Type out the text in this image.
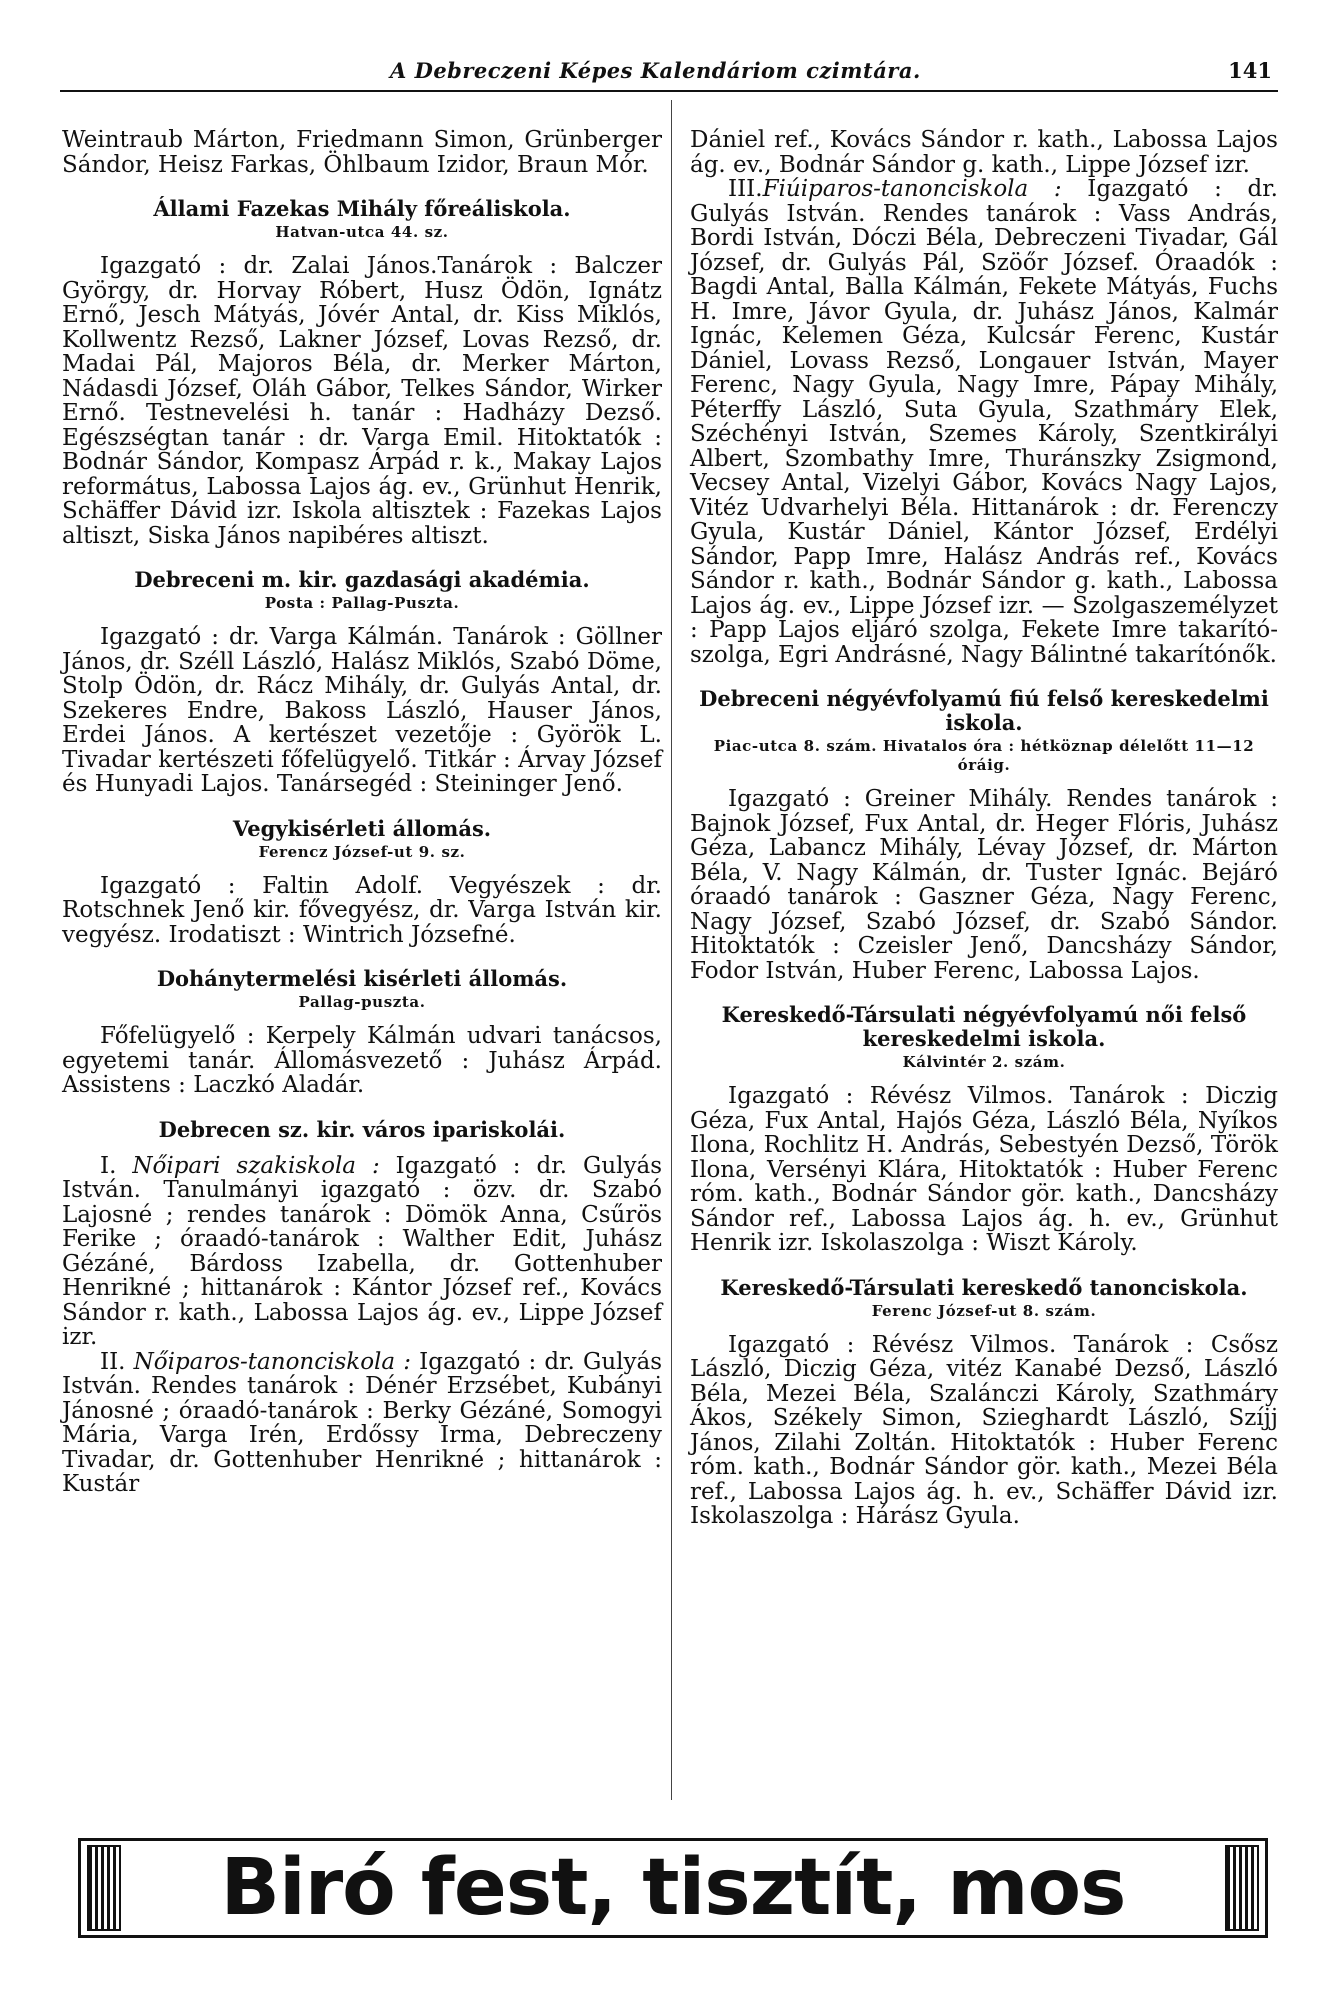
A Debreczeni Képes Kalendáriom czimtára.	141

Weintraub Márton, Friedmann Simon, Grünberger Sándor, Heisz Farkas, Öhlbaum Izidor, Braun Mór.

Állami Fazekas Mihály főreáliskola.
Hatvan-utca 44. sz.

Igazgató : dr. Zalai János.Tanárok : Balczer György, dr. Horvay Róbert, Husz Ödön, Ignátz Ernő, Jesch Mátyás, Jóvér Antal, dr. Kiss Miklós, Kollwentz Rezső, Lakner József, Lovas Rezső, dr. Madai Pál, Majoros Béla, dr. Merker Márton, Nádasdi József, Oláh Gábor, Telkes Sándor, Wirker Ernő. Testnevelési h. tanár : Hadházy Dezső. Egészségtan tanár : dr. Varga Emil. Hitoktatók : Bodnár Sándor, Kompasz Árpád r. k., Makay Lajos református, Labossa Lajos ág. ev., Grünhut Henrik, Schäffer Dávid izr. Iskola altisztek : Fazekas Lajos altiszt, Siska János napibéres altiszt.

Debreceni m. kir. gazdasági akadémia.
Posta : Pallag-Puszta.

Igazgató : dr. Varga Kálmán. Tanárok : Göllner János, dr. Széll László, Halász Miklós, Szabó Döme, Stolp Ödön, dr. Rácz Mihály, dr. Gulyás Antal, dr. Szekeres Endre, Bakoss László, Hauser János, Erdei János. A kertészet vezetője : Györök L. Tivadar kertészeti főfelügyelő. Titkár : Árvay József és Hunyadi Lajos. Tanársegéd : Steininger Jenő.

Vegykisérleti állomás.
Ferencz József-ut 9. sz.

Igazgató : Faltin Adolf. Vegyészek : dr. Rotschnek Jenő kir. fővegyész, dr. Varga István kir. vegyész. Irodatiszt : Wintrich Józsefné.

Dohánytermelési kisérleti állomás.
Pallag-puszta.

Főfelügyelő : Kerpely Kálmán udvari tanácsos, egyetemi tanár. Állomásvezető : Juhász Árpád. Assistens : Laczkó Aladár.

Debrecen sz. kir. város ipariskolái.

I. Nőipari szakiskola : Igazgató : dr. Gulyás István. Tanulmányi igazgató : özv. dr. Szabó Lajosné ; rendes tanárok : Dömök Anna, Csűrös Ferike ; óraadó-tanárok : Walther Edit, Juhász Gézáné, Bárdoss Izabella, dr. Gottenhuber Henrikné ; hittanárok : Kántor József ref., Kovács Sándor r. kath., Labossa Lajos ág. ev., Lippe József izr.

II. Nőiparos-tanonciskola : Igazgató : dr. Gulyás István. Rendes tanárok : Dénér Erzsébet, Kubányi Jánosné ; óraadó-tanárok : Berky Gézáné, Somogyi Mária, Varga Irén, Erdőssy Irma, Debreczeny Tivadar, dr. Gottenhuber Henrikné ; hittanárok : Kustár

Dániel ref., Kovács Sándor r. kath., Labossa Lajos ág. ev., Bodnár Sándor g. kath., Lippe József izr.

III.Fiúiparos-tanonciskola : Igazgató : dr. Gulyás István. Rendes tanárok : Vass András, Bordi István, Dóczi Béla, Debreczeni Tivadar, Gál József, dr. Gulyás Pál, Szöőr József. Óraadók : Bagdi Antal, Balla Kálmán, Fekete Mátyás, Fuchs H. Imre, Jávor Gyula, dr. Juhász János, Kalmár Ignác, Kelemen Géza, Kulcsár Ferenc, Kustár Dániel, Lovass Rezső, Longauer István, Mayer Ferenc, Nagy Gyula, Nagy Imre, Pápay Mihály, Péterffy László, Suta Gyula, Szathmáry Elek, Széchényi István, Szemes Károly, Szentkirályi Albert, Szombathy Imre, Thuránszky Zsigmond, Vecsey Antal, Vizelyi Gábor, Kovács Nagy Lajos, Vitéz Udvarhelyi Béla. Hittanárok : dr. Ferenczy Gyula, Kustár Dániel, Kántor József, Erdélyi Sándor, Papp Imre, Halász András ref., Kovács Sándor r. kath., Bodnár Sándor g. kath., Labossa Lajos ág. ev., Lippe József izr. — Szolgaszemélyzet : Papp Lajos eljáró szolga, Fekete Imre takarító-szolga, Egri Andrásné, Nagy Bálintné takarítónők.

Debreceni négyévfolyamú fiú felső kereskedelmi iskola.
Piac-utca 8. szám. Hivatalos óra : hétköznap délelőtt 11—12 óráig.

Igazgató : Greiner Mihály. Rendes tanárok : Bajnok József, Fux Antal, dr. Heger Flóris, Juhász Géza, Labancz Mihály, Lévay József, dr. Márton Béla, V. Nagy Kálmán, dr. Tuster Ignác. Bejáró óraadó tanárok : Gaszner Géza, Nagy Ferenc, Nagy József, Szabó József, dr. Szabó Sándor. Hitoktatók : Czeisler Jenő, Dancsházy Sándor, Fodor István, Huber Ferenc, Labossa Lajos.

Kereskedő-Társulati négyévfolyamú női felső kereskedelmi iskola.
Kálvintér 2. szám.

Igazgató : Révész Vilmos. Tanárok : Diczig Géza, Fux Antal, Hajós Géza, László Béla, Nyíkos Ilona, Rochlitz H. András, Sebestyén Dezső, Török Ilona, Versényi Klára, Hitoktatók : Huber Ferenc róm. kath., Bodnár Sándor gör. kath., Dancsházy Sándor ref., Labossa Lajos ág. h. ev., Grünhut Henrik izr. Iskolaszolga : Wiszt Károly.

Kereskedő-Társulati kereskedő tanonciskola.
Ferenc József-ut 8. szám.

Igazgató : Révész Vilmos. Tanárok : Csősz László, Diczig Géza, vitéz Kanabé Dezső, László Béla, Mezei Béla, Szalánczi Károly, Szathmáry Ákos, Székely Simon, Szieghardt László, Szíjj János, Zilahi Zoltán. Hitoktatók : Huber Ferenc róm. kath., Bodnár Sándor gör. kath., Mezei Béla ref., Labossa Lajos ág. h. ev., Schäffer Dávid izr. Iskolaszolga : Hárász Gyula.

Biró fest, tisztít, mos
